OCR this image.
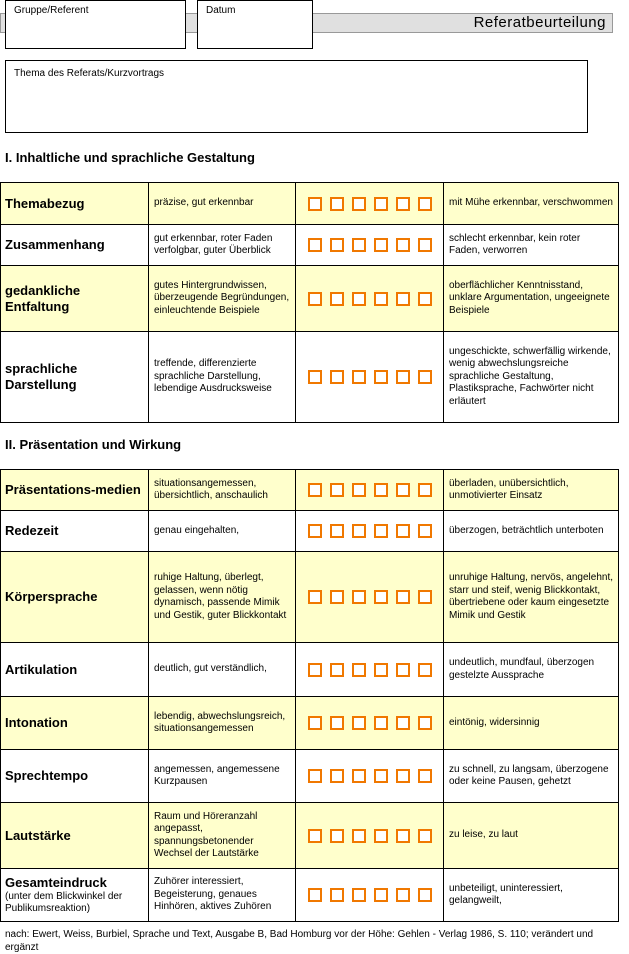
Referatbeurteilung
Gruppe/Referent	Datum
Thema des Referats/Kurzvortrags
I. Inhaltliche und sprachliche Gestaltung
Themabezug	präzise, gut erkennbar		mit Mühe erkennbar, verschwommen
Zusammenhang	gut erkennbar, roter Faden verfolgbar, guter Überblick		schlecht erkennbar, kein roter Faden, verworren
gedankliche Entfaltung	gutes Hintergrundwissen, überzeugende Begründungen, einleuchtende Beispiele		oberflächlicher Kenntnisstand, unklare Argumentation, ungeeignete Beispiele
sprachliche Darstellung	treffende, differenzierte sprachliche Darstellung, lebendige Ausdrucksweise		ungeschickte, schwerfällig wirkende, wenig abwechslungsreiche sprachliche Gestaltung, Plastiksprache, Fachwörter nicht erläutert
II. Präsentation und Wirkung
Präsentations-medien	situationsangemessen, übersichtlich, anschaulich		überladen, unübersichtlich, unmotivierter Einsatz
Redezeit	genau eingehalten,		überzogen, beträchtlich unterboten
Körpersprache	ruhige Haltung, überlegt, gelassen, wenn nötig dynamisch, passende Mimik und Gestik, guter Blickkontakt		unruhige Haltung, nervös, angelehnt, starr und steif, wenig Blickkontakt, übertriebene oder kaum eingesetzte Mimik und Gestik
Artikulation	deutlich, gut verständlich,		undeutlich, mundfaul, überzogen gestelzte Aussprache
Intonation	lebendig, abwechslungsreich, situationsangemessen		eintönig, widersinnig
Sprechtempo	angemessen, angemessene Kurzpausen		zu schnell, zu langsam, überzogene oder keine Pausen, gehetzt
Lautstärke	Raum und Höreranzahl angepasst, spannungsbetonender Wechsel der Lautstärke		zu leise, zu laut
Gesamteindruck
(unter dem Blickwinkel der Publikumsreaktion)	Zuhörer interessiert, Begeisterung, genaues Hinhören, aktives Zuhören		unbeteiligt, uninteressiert, gelangweilt,
nach: Ewert, Weiss, Burbiel, Sprache und Text, Ausgabe B, Bad Homburg vor der Höhe: Gehlen - Verlag 1986, S. 110; verändert und ergänzt
